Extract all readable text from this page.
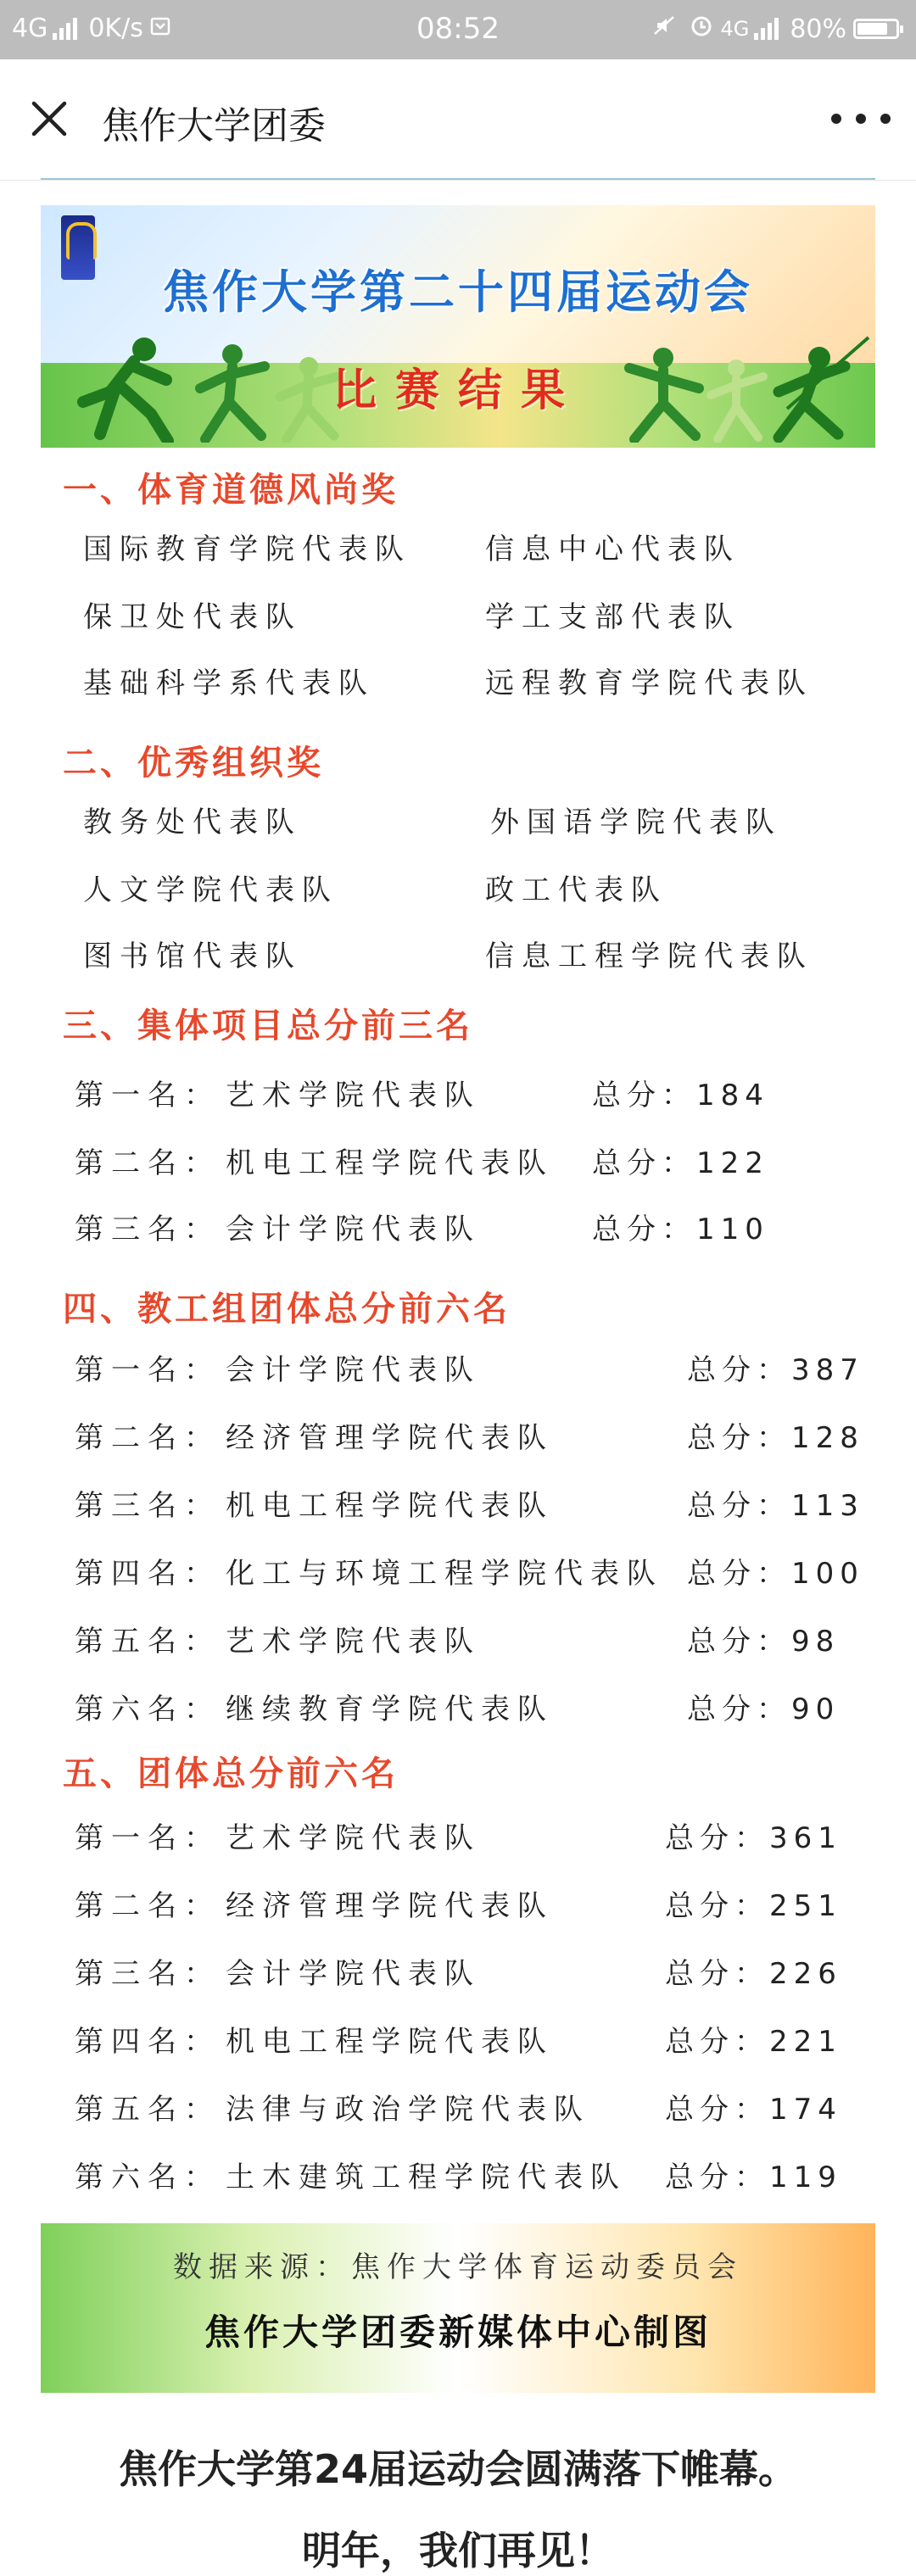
4G 0K/s	08:52	4G 80%
焦作大学团委
焦作大学第二十四届运动会
比赛结果
一、体育道德风尚奖
国际教育学院代表队	信息中心代表队
保卫处代表队	学工支部代表队
基础科学系代表队	远程教育学院代表队
二、优秀组织奖
教务处代表队	外国语学院代表队
人文学院代表队	政工代表队
图书馆代表队	信息工程学院代表队
三、集体项目总分前三名
第一名： 艺术学院代表队	总分：184
第二名： 机电工程学院代表队 总分：122
第三名： 会计学院代表队	总分：110
四、教工组团体总分前六名
第一名： 会计学院代表队	总分：387
第二名： 经济管理学院代表队	总分：128
第三名： 机电工程学院代表队	总分：113
第四名： 化工与环境工程学院代表队 总分：100
第五名： 艺术学院代表队	总分：98
第六名： 继续教育学院代表队	总分：90
五、团体总分前六名
第一名： 艺术学院代表队	总分：361
第二名： 经济管理学院代表队	总分：251
第三名： 会计学院代表队	总分：226
第四名： 机电工程学院代表队	总分：221
第五名： 法律与政治学院代表队	总分：174
第六名： 土木建筑工程学院代表队 总分：119
数据来源：焦作大学体育运动委员会
焦作大学团委新媒体中心制图
焦作大学第24届运动会圆满落下帷幕。
明年，我们再见！
